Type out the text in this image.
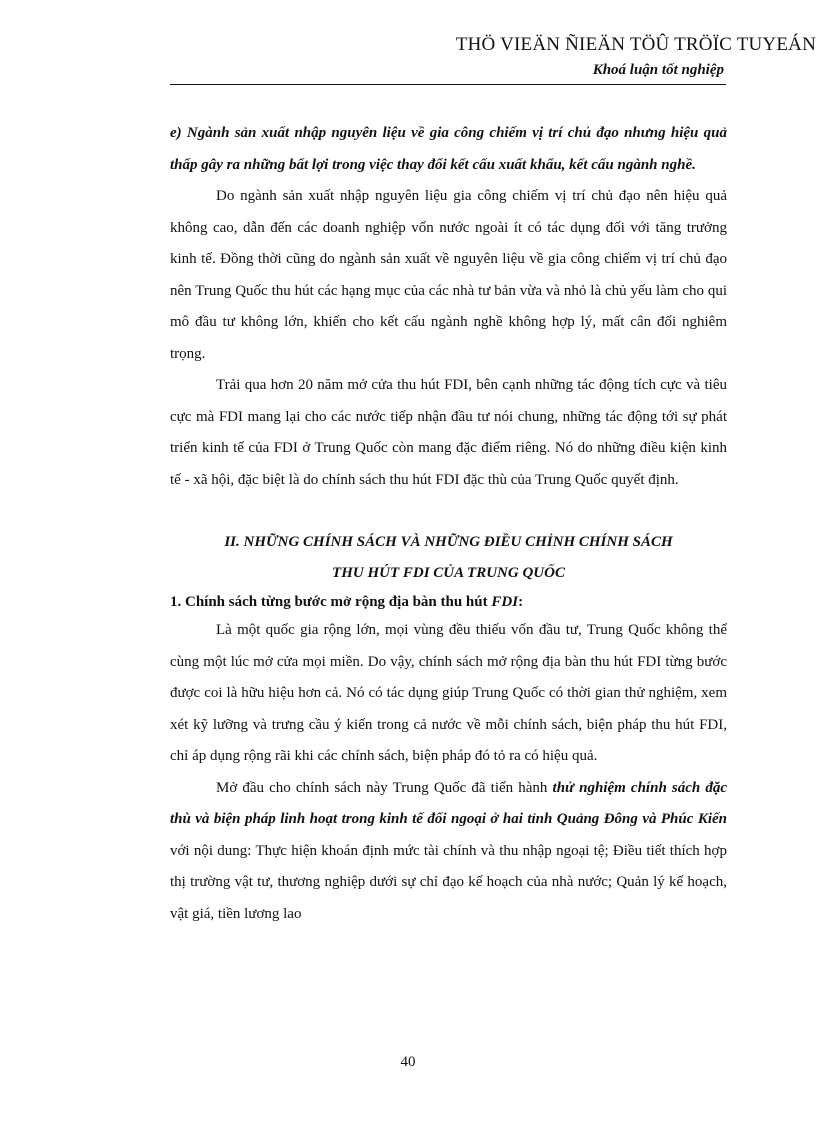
THÖ VIEÄN ÑIEÄN TÖÛ TRÖÏC TUYEÁN
Khoá luận tốt nghiệp

e) Ngành sản xuất nhập nguyên liệu về gia công chiếm vị trí chủ đạo nhưng hiệu quả thấp gây ra những bất lợi trong việc thay đổi kết cấu xuất khẩu, kết cấu ngành nghề.

Do ngành sản xuất nhập nguyên liệu gia công chiếm vị trí chủ đạo nên hiệu quả không cao, dẫn đến các doanh nghiệp vốn nước ngoài ít có tác dụng đối với tăng trưởng kinh tế. Đồng thời cũng do ngành sản xuất về nguyên liệu về gia công chiếm vị trí chủ đạo nên Trung Quốc thu hút các hạng mục của các nhà tư bản vừa và nhỏ là chủ yếu làm cho qui mô đầu tư không lớn, khiến cho kết cấu ngành nghề không hợp lý, mất cân đối nghiêm trọng.

Trải qua hơn 20 năm mở cửa thu hút FDI, bên cạnh những tác động tích cực và tiêu cực mà FDI mang lại cho các nước tiếp nhận đầu tư nói chung, những tác động tới sự phát triển kinh tế của FDI ở Trung Quốc còn mang đặc điểm riêng. Nó do những điều kiện kinh tế - xã hội, đặc biệt là do chính sách thu hút FDI đặc thù của Trung Quốc quyết định.

II. NHỮNG CHÍNH SÁCH VÀ NHỮNG ĐIỀU CHỈNH CHÍNH SÁCH
THU HÚT FDI CỦA TRUNG QUỐC

1. Chính sách từng bước mở rộng địa bàn thu hút FDI:

Là một quốc gia rộng lớn, mọi vùng đều thiếu vốn đầu tư, Trung Quốc không thể cùng một lúc mở cửa mọi miền. Do vậy, chính sách mở rộng địa bàn thu hút FDI từng bước được coi là hữu hiệu hơn cả. Nó có tác dụng giúp Trung Quốc có thời gian thử nghiệm, xem xét kỹ lưỡng và trưng cầu ý kiến trong cả nước về mỗi chính sách, biện pháp thu hút FDI, chỉ áp dụng rộng rãi khi các chính sách, biện pháp đó tỏ ra có hiệu quả.

Mở đầu cho chính sách này Trung Quốc đã tiến hành thử nghiệm chính sách đặc thù và biện pháp linh hoạt trong kinh tế đối ngoại ở hai tỉnh Quảng Đông và Phúc Kiến với nội dung: Thực hiện khoán định mức tài chính và thu nhập ngoại tệ; Điều tiết thích hợp thị trường vật tư, thương nghiệp dưới sự chỉ đạo kế hoạch của nhà nước; Quản lý kế hoạch, vật giá, tiền lương lao

40
